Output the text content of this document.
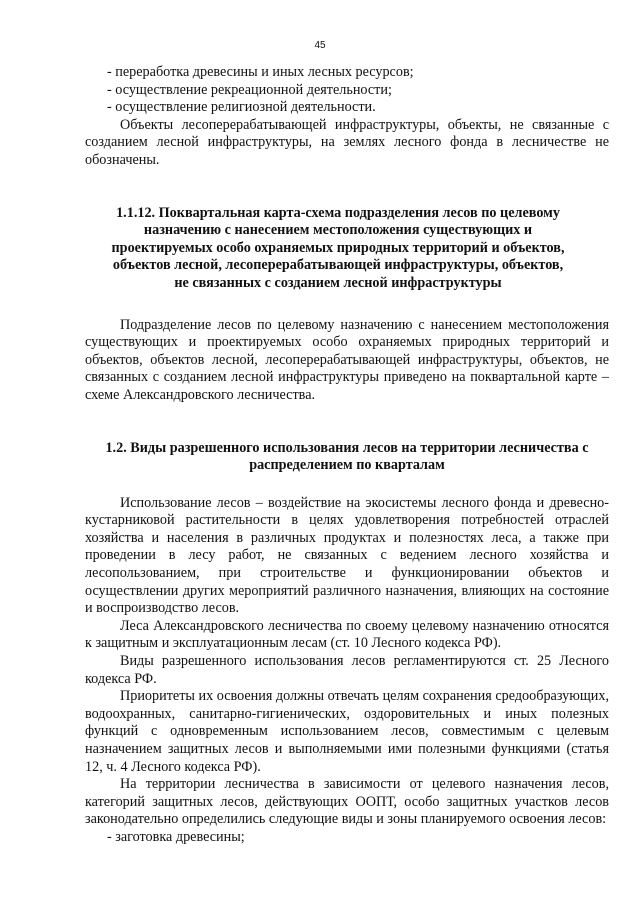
45

- переработка древесины и иных лесных ресурсов;

- осуществление рекреационной деятельности;

- осуществление религиозной деятельности.

Объекты лесоперерабатывающей инфраструктуры, объекты, не связанные с созданием лесной инфраструктуры, на землях лесного фонда в лесничестве не обозначены.

1.1.12. Поквартальная карта-схема подразделения лесов по целевому назначению с нанесением местоположения существующих и проектируемых особо охраняемых природных территорий и объектов, объектов лесной, лесоперерабатывающей инфраструктуры, объектов, не связанных с созданием лесной инфраструктуры

Подразделение лесов по целевому назначению с нанесением местоположения существующих и проектируемых особо охраняемых природных территорий и объектов, объектов лесной, лесоперерабатывающей инфраструктуры, объектов, не связанных с созданием лесной инфраструктуры приведено на поквартальной карте – схеме Александровского лесничества.

1.2. Виды разрешенного использования лесов на территории лесничества с распределением по кварталам

Использование лесов – воздействие на экосистемы лесного фонда и древесно-кустарниковой растительности в целях удовлетворения потребностей отраслей хозяйства и населения в различных продуктах и полезностях леса, а также при проведении в лесу работ, не связанных с ведением лесного хозяйства и лесопользованием, при строительстве и функционировании объектов и осуществлении других мероприятий различного назначения, влияющих на состояние и воспроизводство лесов.

Леса Александровского лесничества по своему целевому назначению относятся к защитным и эксплуатационным лесам (ст. 10 Лесного кодекса РФ).

Виды разрешенного использования лесов регламентируются ст. 25 Лесного кодекса РФ.

Приоритеты их освоения должны отвечать целям сохранения средообразующих, водоохранных, санитарно-гигиенических, оздоровительных и иных полезных функций с одновременным использованием лесов, совместимым с целевым назначением защитных лесов и выполняемыми ими полезными функциями (статья 12, ч. 4 Лесного кодекса РФ).

На территории лесничества в зависимости от целевого назначения лесов, категорий защитных лесов, действующих ООПТ, особо защитных участков лесов законодательно определились следующие виды и зоны планируемого освоения лесов:

- заготовка древесины;
